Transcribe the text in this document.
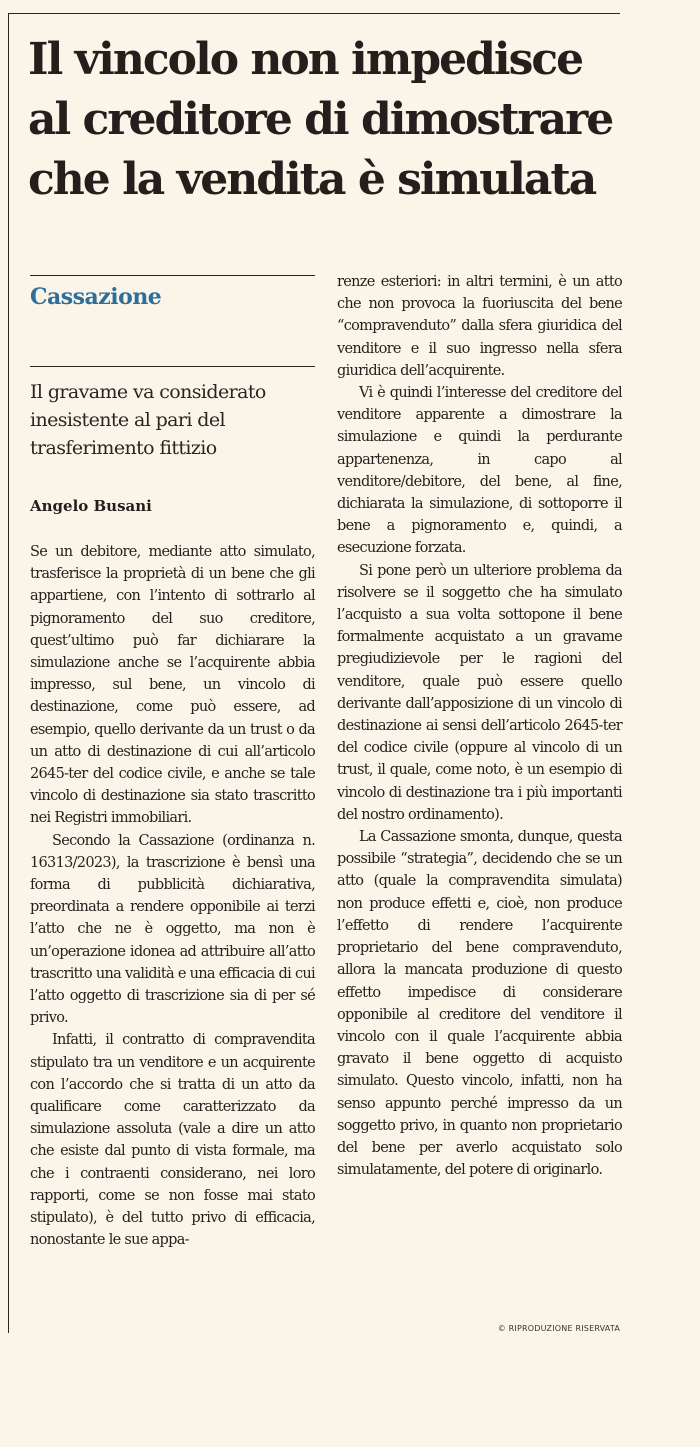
Il vincolo non impedisce al creditore di dimostrare che la vendita è simulata
Cassazione
Il gravame va considerato inesistente al pari del trasferimento fittizio
Angelo Busani

Se un debitore, mediante atto simulato, trasferisce la proprietà di un bene che gli appartiene, con l’intento di sottrarlo al pignoramento del suo creditore, quest’ultimo può far dichiarare la simulazione anche se l’acquirente abbia impresso, sul bene, un vincolo di destinazione, come può essere, ad esempio, quello derivante da un trust o da un atto di destinazione di cui all’articolo 2645-ter del codice civile, e anche se tale vincolo di destinazione sia stato trascritto nei Registri immobiliari.

Secondo la Cassazione (ordinanza n. 16313/2023), la trascrizione è bensì una forma di pubblicità dichiarativa, preordinata a rendere opponibile ai terzi l’atto che ne è oggetto, ma non è un’operazione idonea ad attribuire all’atto trascritto una validità e una efficacia di cui l’atto oggetto di trascrizione sia di per sé privo.

Infatti, il contratto di compravendita stipulato tra un venditore e un acquirente con l’accordo che si tratta di un atto da qualificare come caratterizzato da simulazione assoluta (vale a dire un atto che esiste dal punto di vista formale, ma che i contraenti considerano, nei loro rapporti, come se non fosse mai stato stipulato), è del tutto privo di efficacia, nonostante le sue appa-

renze esteriori: in altri termini, è un atto che non provoca la fuoriuscita del bene “compravenduto” dalla sfera giuridica del venditore e il suo ingresso nella sfera giuridica dell’acquirente.

Vi è quindi l’interesse del creditore del venditore apparente a dimostrare la simulazione e quindi la perdurante appartenenza, in capo al venditore/debitore, del bene, al fine, dichiarata la simulazione, di sottoporre il bene a pignoramento e, quindi, a esecuzione forzata.

Si pone però un ulteriore problema da risolvere se il soggetto che ha simulato l’acquisto a sua volta sottopone il bene formalmente acquistato a un gravame pregiudizievole per le ragioni del venditore, quale può essere quello derivante dall’apposizione di un vincolo di destinazione ai sensi dell’articolo 2645-ter del codice civile (oppure al vincolo di un trust, il quale, come noto, è un esempio di vincolo di destinazione tra i più importanti del nostro ordinamento).

La Cassazione smonta, dunque, questa possibile “strategia”, decidendo che se un atto (quale la compravendita simulata) non produce effetti e, cioè, non produce l’effetto di rendere l’acquirente proprietario del bene compravenduto, allora la mancata produzione di questo effetto impedisce di considerare opponibile al creditore del venditore il vincolo con il quale l’acquirente abbia gravato il bene oggetto di acquisto simulato. Questo vincolo, infatti, non ha senso appunto perché impresso da un soggetto privo, in quanto non proprietario del bene per averlo acquistato solo simulatamente, del potere di originarlo.

© RIPRODUZIONE RISERVATA
